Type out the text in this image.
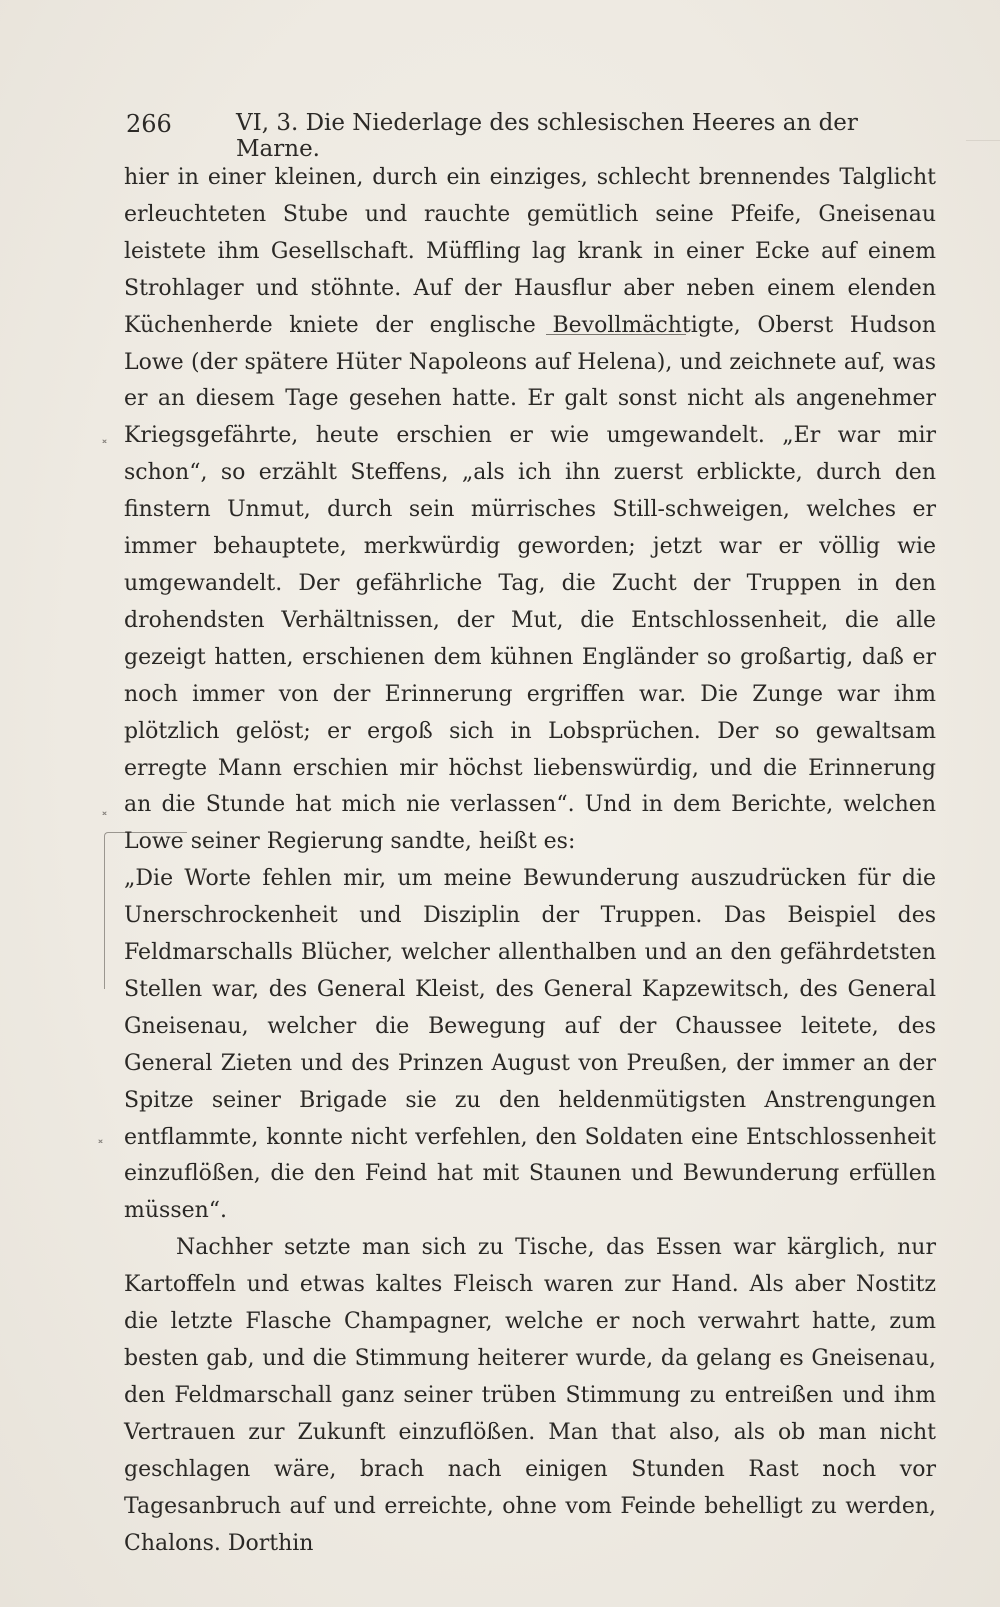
266	VI, 3. Die Niederlage des schlesischen Heeres an der Marne.
˟
˟
˟

hier in einer kleinen, durch ein einziges, schlecht brennendes Talglicht erleuchteten Stube und rauchte gemütlich seine Pfeife, Gneisenau leistete ihm Gesellschaft. Müffling lag krank in einer Ecke auf einem Strohlager und stöhnte. Auf der Hausflur aber neben einem elenden Küchenherde kniete der englische Bevollmächtigte, Oberst Hudson Lowe (der spätere Hüter Napoleons auf Helena), und zeichnete auf, was er an diesem Tage gesehen hatte. Er galt sonst nicht als angenehmer Kriegsgefährte, heute erschien er wie umgewandelt. „Er war mir schon“, so erzählt Steffens, „als ich ihn zuerst erblickte, durch den finstern Unmut, durch sein mürrisches Still-schweigen, welches er immer behauptete, merkwürdig geworden; jetzt war er völlig wie umgewandelt. Der gefährliche Tag, die Zucht der Truppen in den drohendsten Verhältnissen, der Mut, die Entschlossenheit, die alle gezeigt hatten, erschienen dem kühnen Engländer so großartig, daß er noch immer von der Erinnerung ergriffen war. Die Zunge war ihm plötzlich gelöst; er ergoß sich in Lobsprüchen. Der so gewaltsam erregte Mann erschien mir höchst liebenswürdig, und die Erinnerung an die Stunde hat mich nie verlassen“. Und in dem Berichte, welchen Lowe seiner Regierung sandte, heißt es:

„Die Worte fehlen mir, um meine Bewunderung auszudrücken für die Unerschrockenheit und Disziplin der Truppen. Das Beispiel des Feldmarschalls Blücher, welcher allenthalben und an den gefährdetsten Stellen war, des General Kleist, des General Kapzewitsch, des General Gneisenau, welcher die Bewegung auf der Chaussee leitete, des General Zieten und des Prinzen August von Preußen, der immer an der Spitze seiner Brigade sie zu den heldenmütigsten Anstrengungen entflammte, konnte nicht verfehlen, den Soldaten eine Entschlossenheit einzuflößen, die den Feind hat mit Staunen und Bewunderung erfüllen müssen“.

Nachher setzte man sich zu Tische, das Essen war kärglich, nur Kartoffeln und etwas kaltes Fleisch waren zur Hand. Als aber Nostitz die letzte Flasche Champagner, welche er noch verwahrt hatte, zum besten gab, und die Stimmung heiterer wurde, da gelang es Gneisenau, den Feldmarschall ganz seiner trüben Stimmung zu entreißen und ihm Vertrauen zur Zukunft einzuflößen. Man that also, als ob man nicht geschlagen wäre, brach nach einigen Stunden Rast noch vor Tagesanbruch auf und erreichte, ohne vom Feinde behelligt zu werden, Chalons. Dorthin
